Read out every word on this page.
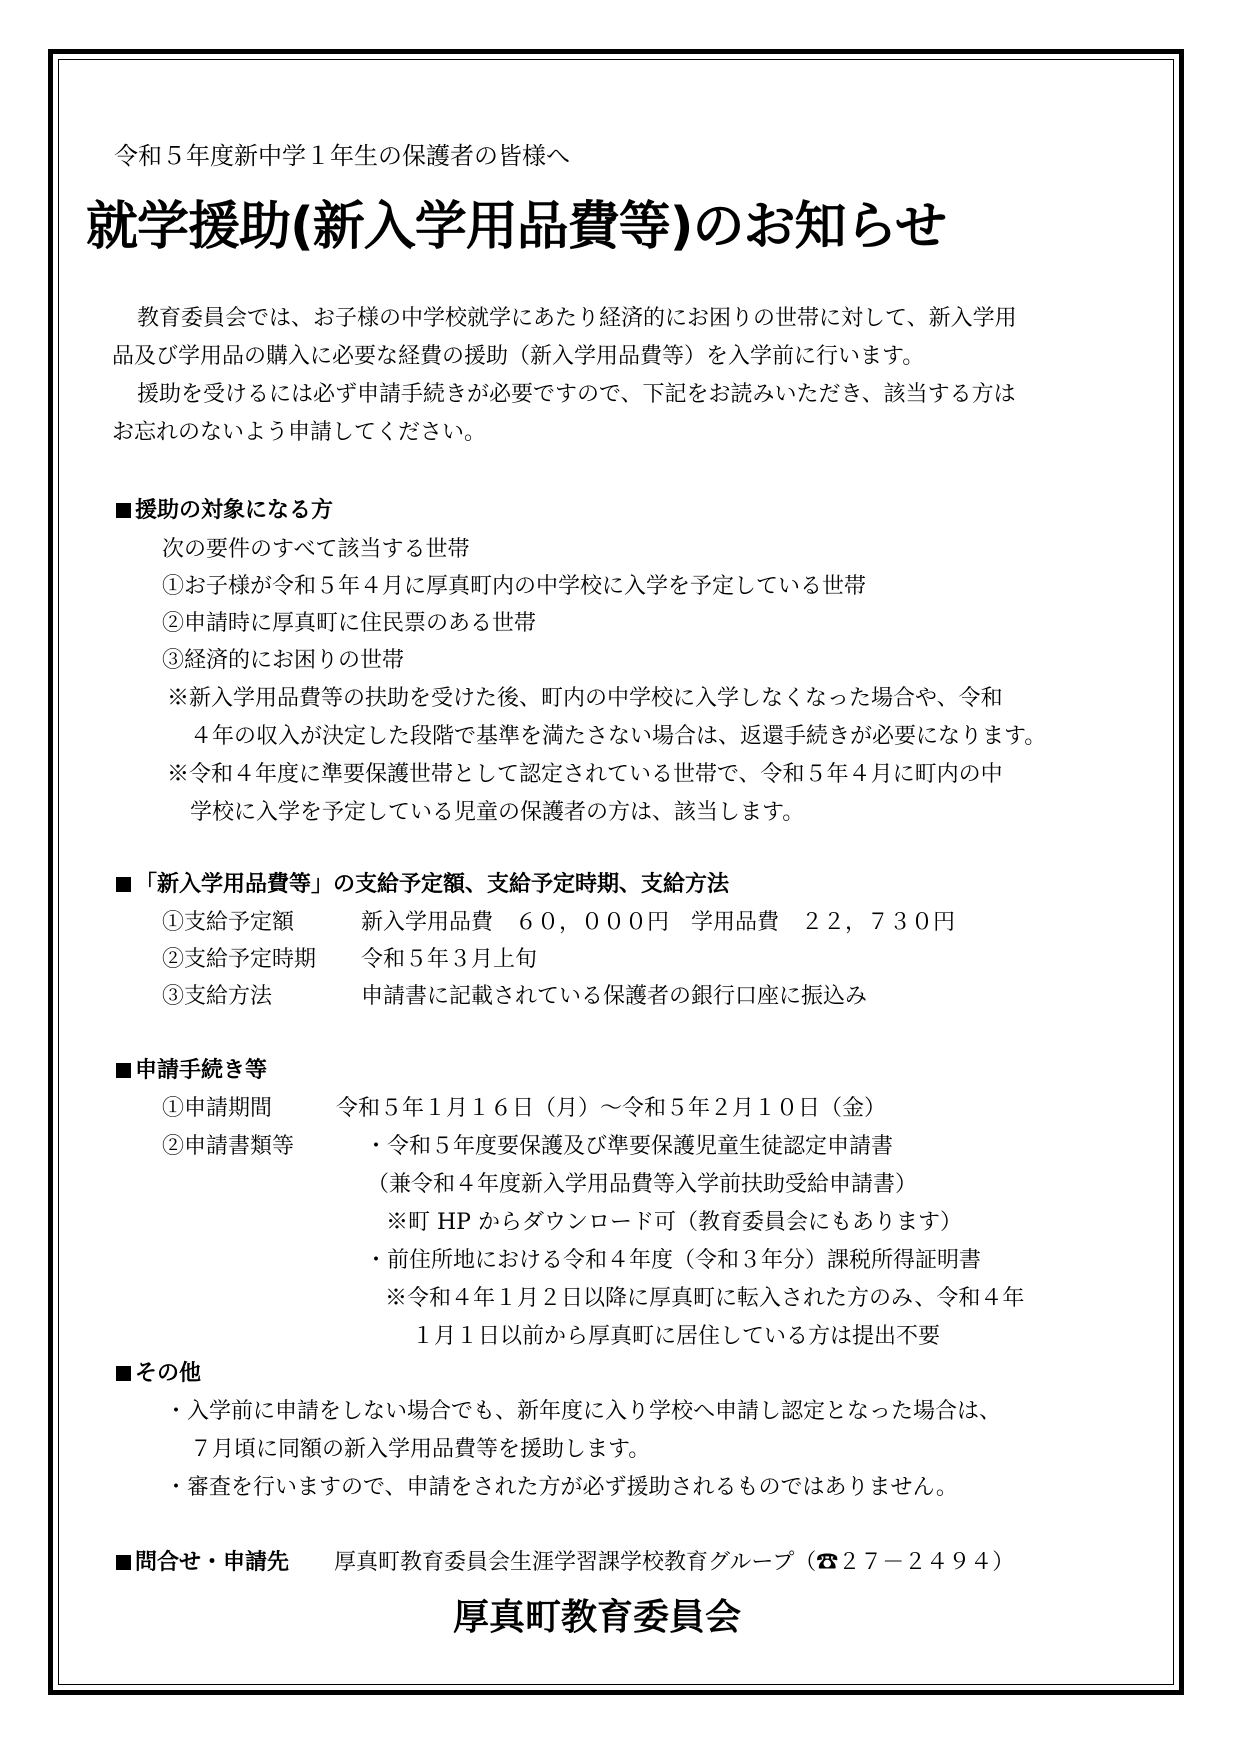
令和５年度新中学１年生の保護者の皆様へ
就学援助(新入学用品費等)のお知らせ
教育委員会では、お子様の中学校就学にあたり経済的にお困りの世帯に対して、新入学用
品及び学用品の購入に必要な経費の援助（新入学用品費等）を入学前に行います。
援助を受けるには必ず申請手続きが必要ですので、下記をお読みいただき、該当する方は
お忘れのないよう申請してください。
援助の対象になる方
次の要件のすべて該当する世帯
①お子様が令和５年４月に厚真町内の中学校に入学を予定している世帯
②申請時に厚真町に住民票のある世帯
③経済的にお困りの世帯
※新入学用品費等の扶助を受けた後、町内の中学校に入学しなくなった場合や、令和
４年の収入が決定した段階で基準を満たさない場合は、返還手続きが必要になります。
※令和４年度に準要保護世帯として認定されている世帯で、令和５年４月に町内の中
学校に入学を予定している児童の保護者の方は、該当します。
「新入学用品費等」の支給予定額、支給予定時期、支給方法
①支給予定額	新入学用品費　６０，０００円　学用品費　２２，７３０円
②支給予定時期 令和５年３月上旬
③支給方法	申請書に記載されている保護者の銀行口座に振込み
申請手続き等
①申請期間	令和５年１月１６日（月）～令和５年２月１０日（金）
②申請書類等	・令和５年度要保護及び準要保護児童生徒認定申請書
（兼令和４年度新入学用品費等入学前扶助受給申請書）
※町 HP からダウンロード可（教育委員会にもあります）
・前住所地における令和４年度（令和３年分）課税所得証明書
※令和４年１月２日以降に厚真町に転入された方のみ、令和４年
１月１日以前から厚真町に居住している方は提出不要
その他
・入学前に申請をしない場合でも、新年度に入り学校へ申請し認定となった場合は、
７月頃に同額の新入学用品費等を援助します。
・審査を行いますので、申請をされた方が必ず援助されるものではありません。
問合せ・申請先 厚真町教育委員会生涯学習課学校教育グループ（☎２７－２４９４）
厚真町教育委員会
